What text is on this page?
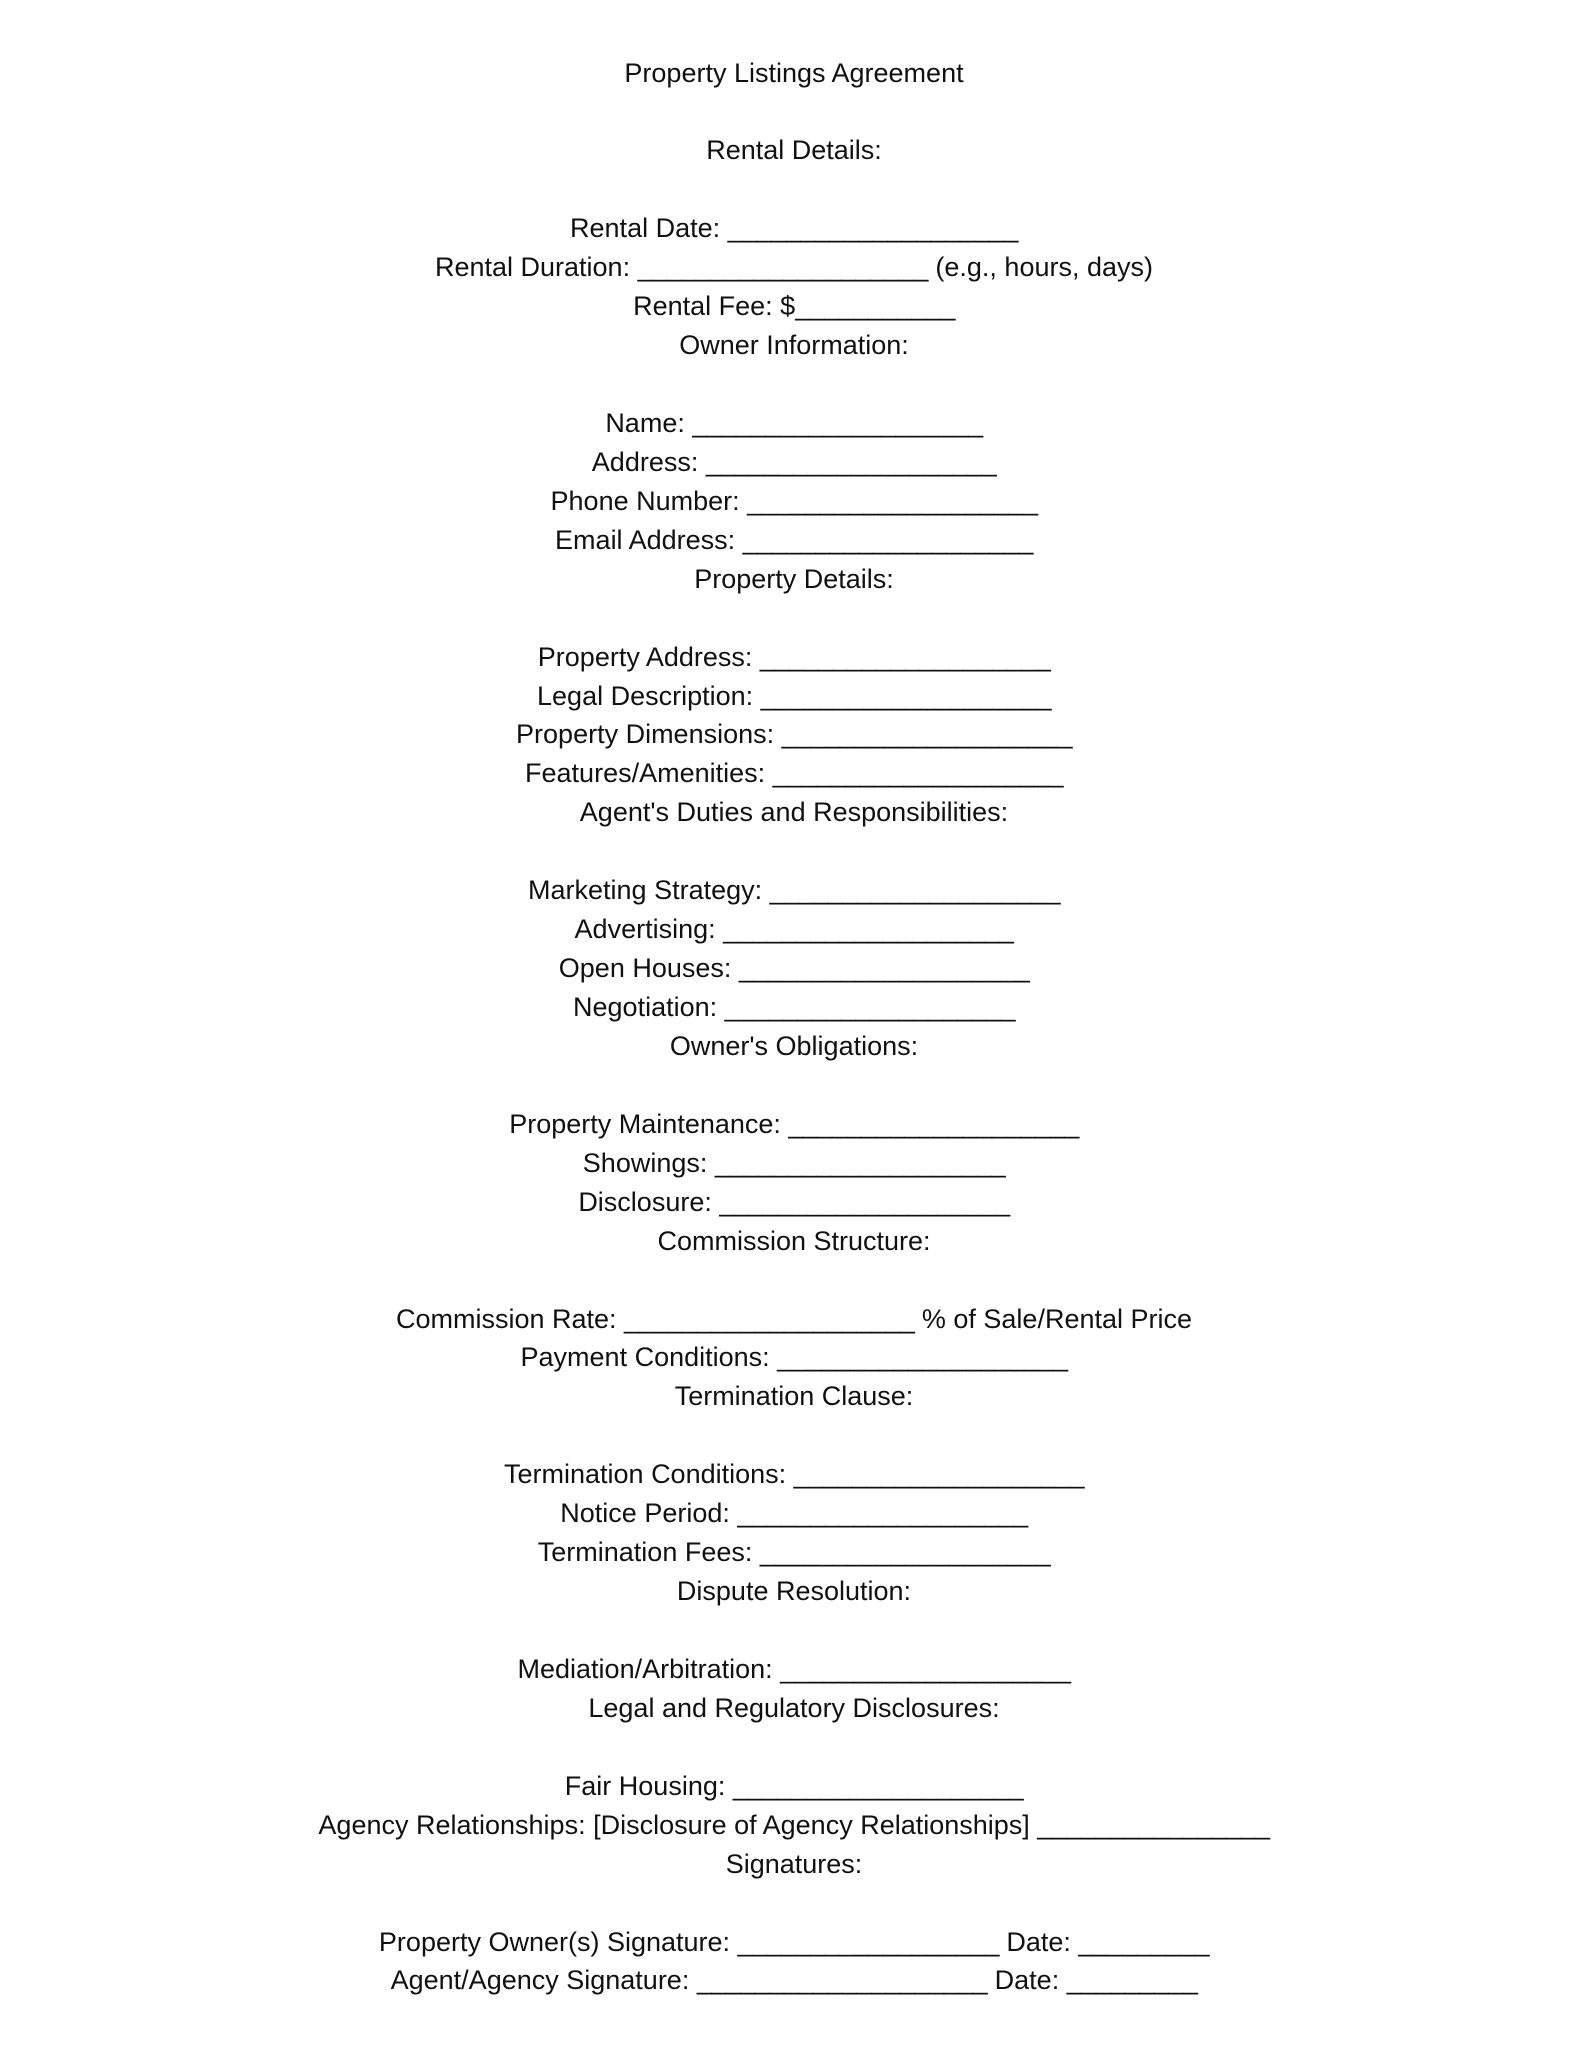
Property Listings Agreement
Rental Details:
Rental Date: ____________________
Rental Duration: ____________________ (e.g., hours, days)
Rental Fee: $___________
Owner Information:
Name: ____________________
Address: ____________________
Phone Number: ____________________
Email Address: ____________________
Property Details:
Property Address: ____________________
Legal Description: ____________________
Property Dimensions: ____________________
Features/Amenities: ____________________
Agent's Duties and Responsibilities:
Marketing Strategy: ____________________
Advertising: ____________________
Open Houses: ____________________
Negotiation: ____________________
Owner's Obligations:
Property Maintenance: ____________________
Showings: ____________________
Disclosure: ____________________
Commission Structure:
Commission Rate: ____________________ % of Sale/Rental Price
Payment Conditions: ____________________
Termination Clause:
Termination Conditions: ____________________
Notice Period: ____________________
Termination Fees: ____________________
Dispute Resolution:
Mediation/Arbitration: ____________________
Legal and Regulatory Disclosures:
Fair Housing: ____________________
Agency Relationships: [Disclosure of Agency Relationships] ________________
Signatures:
Property Owner(s) Signature: __________________ Date: _________
Agent/Agency Signature: ____________________ Date: _________
